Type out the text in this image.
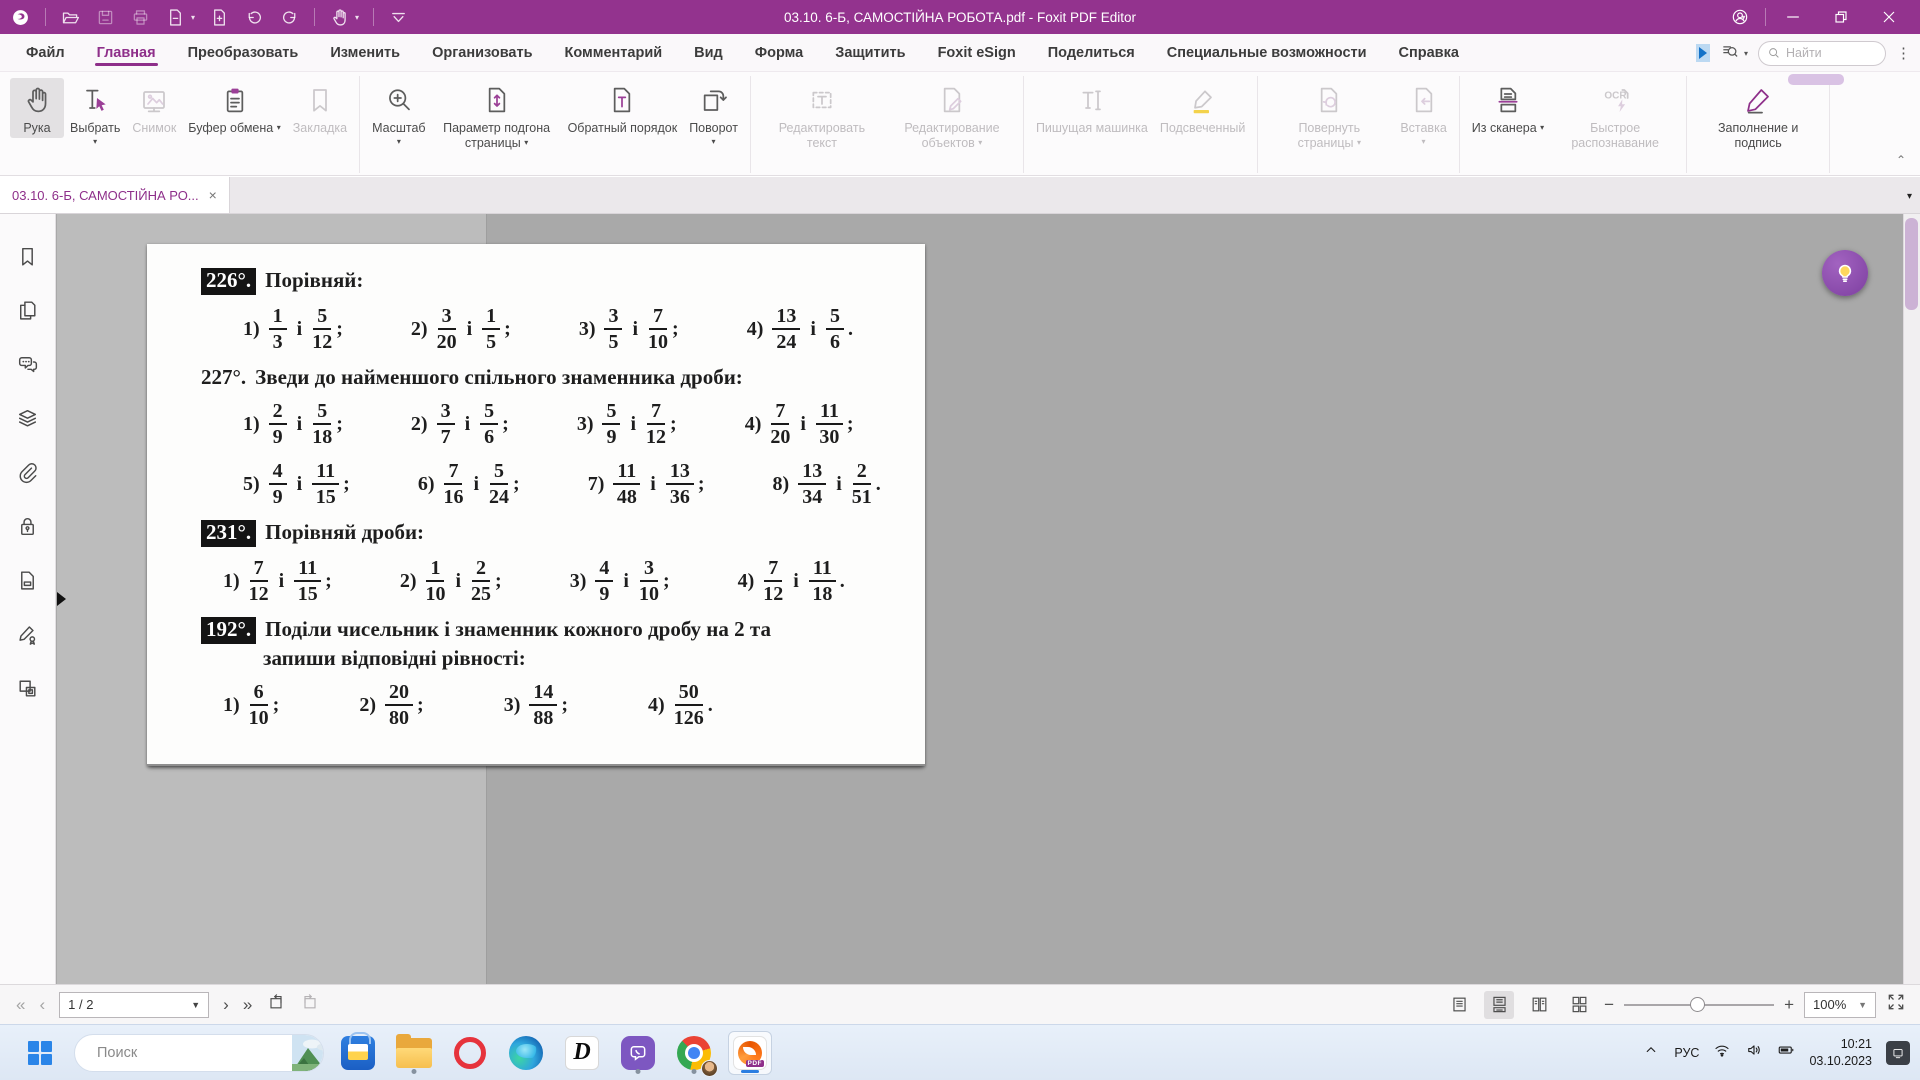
▾	▾	03.10. 6-Б, САМОСТІЙНА РОБОТА.pdf - Foxit PDF Editor	▾
Файл	Главная	Преобразовать	Изменить	Организовать	Комментарий	Вид	Форма	Защитить	Foxit eSign	Поделиться	Специальные возможности	Справка	▾
Найти	⋮
Рука Выбрать
▾
Снимок Буфер обмена ▾ Закладка Масштаб
▾
Параметр подгона страницы ▾
Обратный порядок Поворот
▾
Редактировать текст
Редактирование объектов ▾
Пишущая машинка Подсвеченный	Повернуть страницы ▾
Вставка
▾
Из сканера ▾
OCR
Быстрое распознавание
Заполнение и подпись
⌃
03.10. 6-Б, САМОСТІЙНА РО... ×	▾
226°. Порівняй:
$1) \frac{1}{3}$ і $\frac{5}{12}$ ;	$2) \frac{3}{20}$ і $\frac{1}{5}$ ;	$3) \frac{3}{5}$ і $\frac{7}{10}$ ;	$4) \frac{13}{24}$ і $\frac{5}{6}$ .
227°. Зведи до найменшого спільного знаменника дроби:
$1) \frac{2}{9}$ і $\frac{5}{18}$ ;	$2) \frac{3}{7}$ і $\frac{5}{6}$ ;	$3) \frac{5}{9}$ і $\frac{7}{12}$ ;	$4) \frac{7}{20}$ і $\frac{11}{30}$ ;
$5) \frac{4}{9}$ і $\frac{11}{15}$ ;	$6) \frac{7}{16}$ і $\frac{5}{24}$ ;	$7) \frac{11}{48}$ і $\frac{13}{36}$ ;	$8) \frac{13}{34}$ і $\frac{2}{51}$ .
231°. Порівняй дроби:
$1) \frac{7}{12}$ і $\frac{11}{15}$ ;	$2) \frac{1}{10}$ і $\frac{2}{25}$ ;	$3) \frac{4}{9}$ і $\frac{3}{10}$ ;	$4) \frac{7}{12}$ і $\frac{11}{18}$ .
192°. Поділи чисельник і знаменник кожного дробу на 2 та
запиши відповідні рівності:
$1) \frac{6}{10}$ ;	$2) \frac{20}{80}$ ;	$3) \frac{14}{88}$ ;	$4) \frac{50}{126}$ .
« ‹ 1 / 2	▼ › »	−	+ 100% ▼
Поиск
D	PDF
РУС
10:21
03.10.2023
